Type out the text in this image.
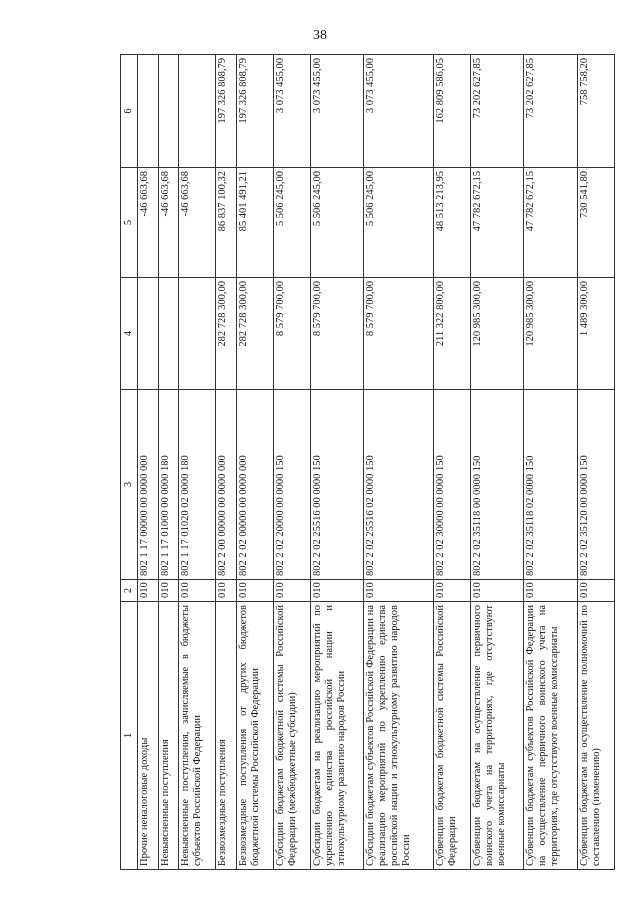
38
1	2	3	4	5	6
Прочие неналоговые доходы	010	802 1 17 00000 00 0000 000		-46 663,68	
Невыясненные поступления	010	802 1 17 01000 00 0000 180		-46 663,68	
Невыясненные поступления, зачисляемые в бюджеты субъектов Российской Федерации	010	802 1 17 01020 02 0000 180		-46 663,68	
Безвозмездные поступления	010	802 2 00 00000 00 0000 000	282 728 300,00	86 837 100,32	197 326 808,79
Безвозмездные поступления от других бюджетов бюджетной системы Российской Федерации	010	802 2 02 00000 00 0000 000	282 728 300,00	85 401 491,21	197 326 808,79
Субсидии бюджетам бюджетной системы Российской Федерации (межбюджетные субсидии)	010	802 2 02 20000 00 0000 150	8 579 700,00	5 506 245,00	3 073 455,00
Субсидии бюджетам на реализацию мероприятий по укреплению единства российской нации и этнокультурному развитию народов России	010	802 2 02 25516 00 0000 150	8 579 700,00	5 506 245,00	3 073 455,00
Субсидии бюджетам субъектов Российской Федерации на реализацию мероприятий по укреплению единства российской нации и этнокультурному развитию народов России	010	802 2 02 25516 02 0000 150	8 579 700,00	5 506 245,00	3 073 455,00
Субвенции бюджетам бюджетной системы Российской Федерации	010	802 2 02 30000 00 0000 150	211 322 800,00	48 513 213,95	162 809 586,05
Субвенции бюджетам на осуществление первичного воинского учета на территориях, где отсутствуют военные комиссариаты	010	802 2 02 35118 00 0000 150	120 985 300,00	47 782 672,15	73 202 627,85
Субвенции бюджетам субъектов Российской Федерации на осуществление первичного воинского учета на территориях, где отсутствуют военные комиссариаты	010	802 2 02 35118 02 0000 150	120 985 300,00	47 782 672,15	73 202 627,85
Субвенции бюджетам на осуществление полномочий по составлению (изменению)	010	802 2 02 35120 00 0000 150	1 489 300,00	730 541,80	758 758,20
